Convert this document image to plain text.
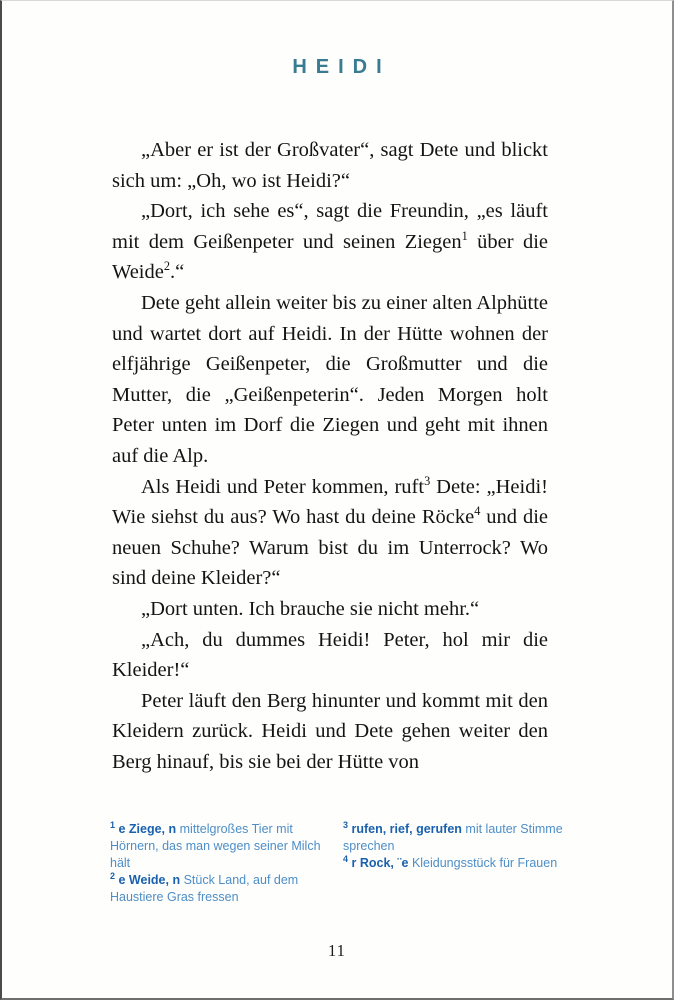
HEIDI

„Aber er ist der Großvater“, sagt Dete und blickt sich um: „Oh, wo ist Heidi?“

„Dort, ich sehe es“, sagt die Freundin, „es läuft mit dem Geißenpeter und seinen Ziegen$^1$ über die Weide$^2$.“

Dete geht allein weiter bis zu einer alten Alphütte und wartet dort auf Heidi. In der Hütte wohnen der elfjährige Geißenpeter, die Großmutter und die Mutter, die „Geißenpeterin“. Jeden Morgen holt Peter unten im Dorf die Ziegen und geht mit ihnen auf die Alp.

Als Heidi und Peter kommen, ruft$^3$ Dete: „Heidi! Wie siehst du aus? Wo hast du deine Röcke$^4$ und die neuen Schuhe? Warum bist du im Unterrock? Wo sind deine Kleider?“

„Dort unten. Ich brauche sie nicht mehr.“

„Ach, du dummes Heidi! Peter, hol mir die Kleider!“

Peter läuft den Berg hinunter und kommt mit den Kleidern zurück. Heidi und Dete gehen weiter den Berg hinauf, bis sie bei der Hütte von

$^1$ e Ziege, n mittelgroßes Tier mit Hörnern, das man wegen seiner Milch hält
$^2$ e Weide, n Stück Land, auf dem Haustiere Gras fressen
$^3$ rufen, rief, gerufen mit lauter Stimme sprechen
$^4$ r Rock, ¨e Kleidungsstück für Frauen
11
